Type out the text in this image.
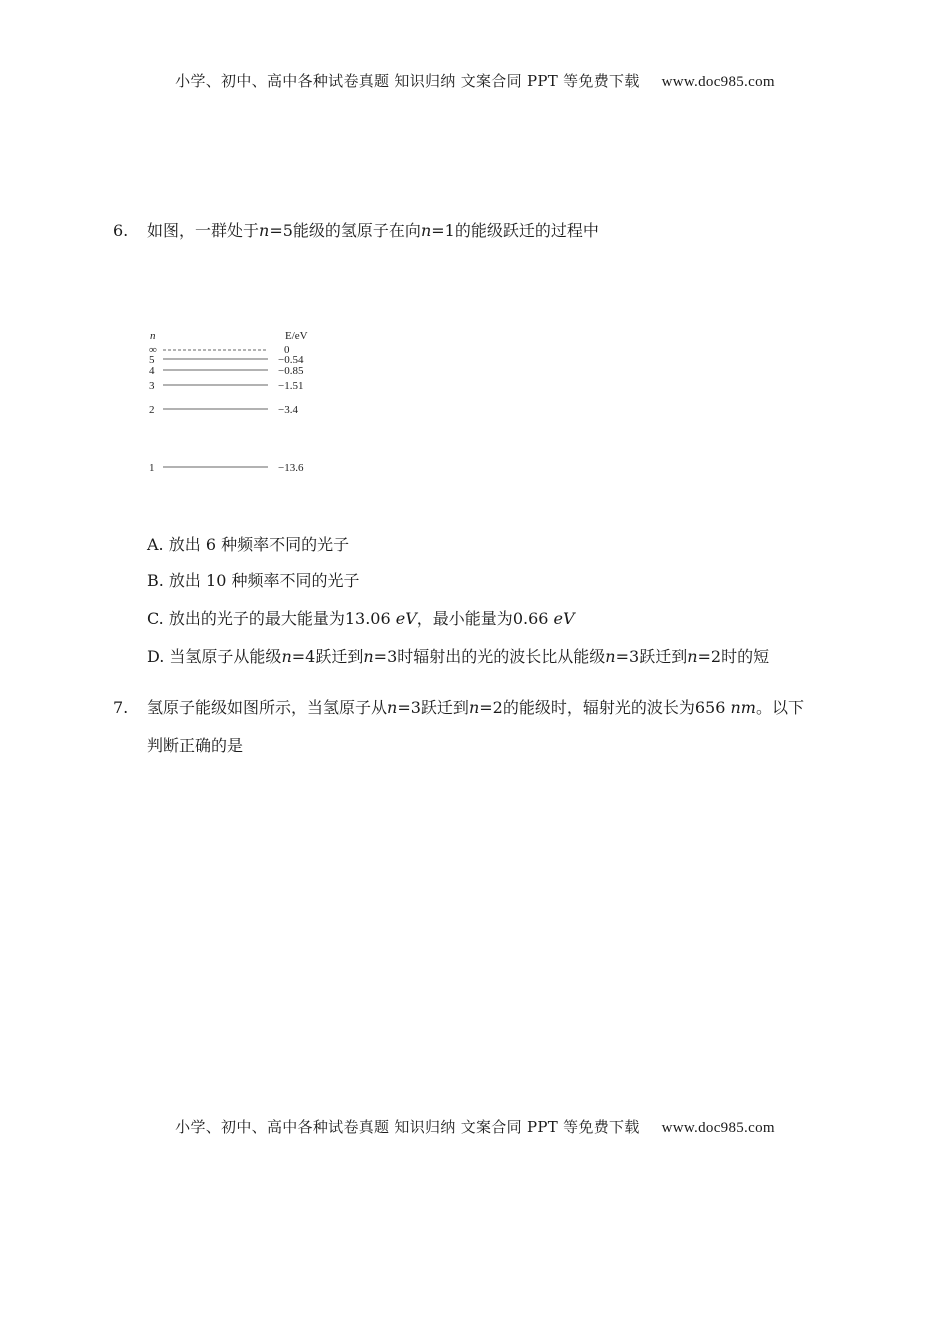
小学、初中、高中各种试卷真题 知识归纳 文案合同 PPT 等免费下载 www.doc985.com
6. 如图，一群处于n=5能级的氢原子在向n=1的能级跃迁的过程中
n	E/eV
∞	0
5	−0.54
4	−0.85
3	−1.51
2	−3.4
1	−13.6
A. 放出 6 种频率不同的光子
B. 放出 10 种频率不同的光子
C. 放出的光子的最大能量为13.06 eV，最小能量为0.66 eV
D. 当氢原子从能级n=4跃迁到n=3时辐射出的光的波长比从能级n=3跃迁到n=2时的短
7. 氢原子能级如图所示，当氢原子从n=3跃迁到n=2的能级时，辐射光的波长为656 nm。以下
判断正确的是
小学、初中、高中各种试卷真题 知识归纳 文案合同 PPT 等免费下载 www.doc985.com
